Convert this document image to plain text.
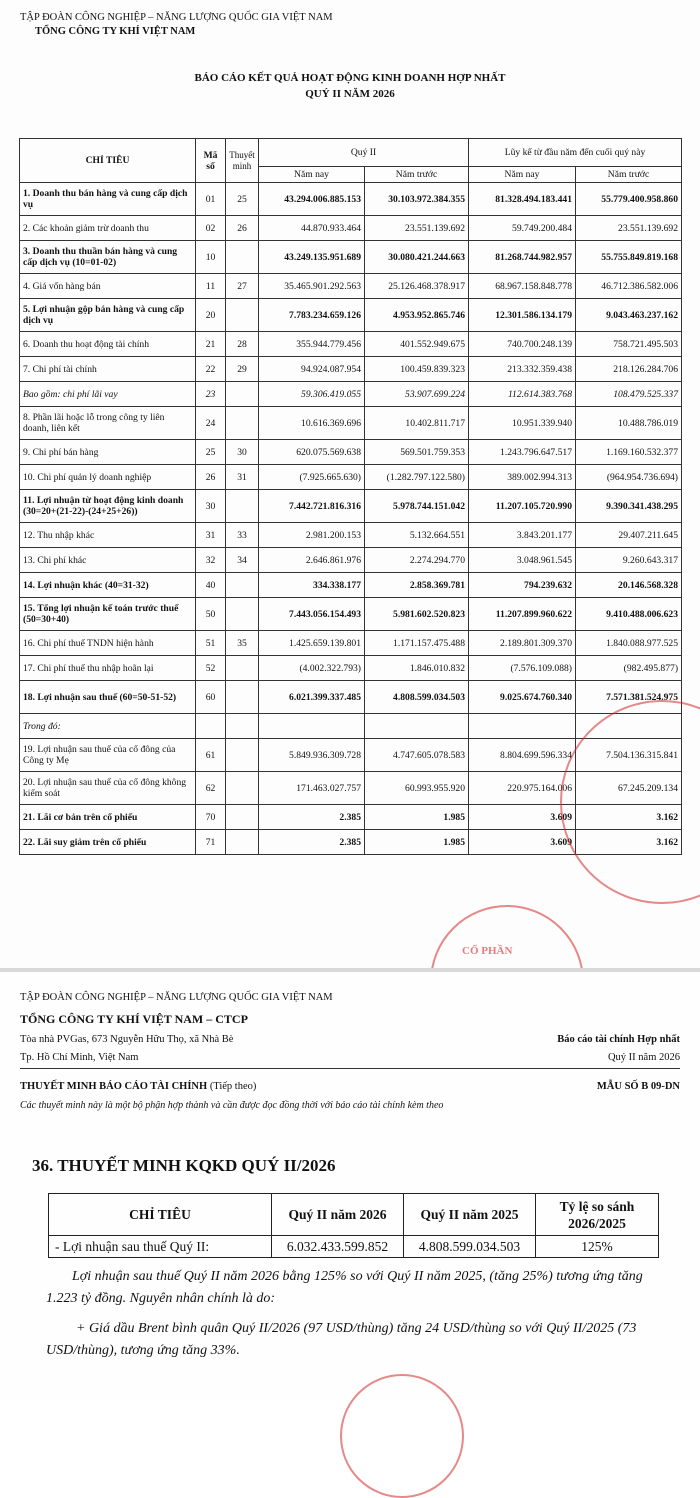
TẬP ĐOÀN CÔNG NGHIỆP – NĂNG LƯỢNG QUỐC GIA VIỆT NAM
TỔNG CÔNG TY KHÍ VIỆT NAM
BÁO CÁO KẾT QUẢ HOẠT ĐỘNG KINH DOANH HỢP NHẤT
QUÝ II NĂM 2026
CHỈ TIÊU	Mã số	Thuyết minh	Quý II		Lũy kế từ đầu năm đến cuối quý này	
			Năm nay	Năm trước	Năm nay	Năm trước
1. Doanh thu bán hàng và cung cấp dịch vụ	01	25	43.294.006.885.153	30.103.972.384.355	81.328.494.183.441	55.779.400.958.860
2. Các khoản giảm trừ doanh thu	02	26	44.870.933.464	23.551.139.692	59.749.200.484	23.551.139.692
3. Doanh thu thuần bán hàng và cung cấp dịch vụ (10=01-02)	10		43.249.135.951.689	30.080.421.244.663	81.268.744.982.957	55.755.849.819.168
4. Giá vốn hàng bán	11	27	35.465.901.292.563	25.126.468.378.917	68.967.158.848.778	46.712.386.582.006
5. Lợi nhuận gộp bán hàng và cung cấp dịch vụ	20		7.783.234.659.126	4.953.952.865.746	12.301.586.134.179	9.043.463.237.162
6. Doanh thu hoạt động tài chính	21	28	355.944.779.456	401.552.949.675	740.700.248.139	758.721.495.503
7. Chi phí tài chính	22	29	94.924.087.954	100.459.839.323	213.332.359.438	218.126.284.706
Bao gồm: chi phí lãi vay	23		59.306.419.055	53.907.699.224	112.614.383.768	108.479.525.337
8. Phần lãi hoặc lỗ trong công ty liên doanh, liên kết	24		10.616.369.696	10.402.811.717	10.951.339.940	10.488.786.019
9. Chi phí bán hàng	25	30	620.075.569.638	569.501.759.353	1.243.796.647.517	1.169.160.532.377
10. Chi phí quản lý doanh nghiệp	26	31	(7.925.665.630)	(1.282.797.122.580)	389.002.994.313	(964.954.736.694)
11. Lợi nhuận từ hoạt động kinh doanh (30=20+(21-22)-(24+25+26))	30		7.442.721.816.316	5.978.744.151.042	11.207.105.720.990	9.390.341.438.295
12. Thu nhập khác	31	33	2.981.200.153	5.132.664.551	3.843.201.177	29.407.211.645
13. Chi phí khác	32	34	2.646.861.976	2.274.294.770	3.048.961.545	9.260.643.317
14. Lợi nhuận khác (40=31-32)	40		334.338.177	2.858.369.781	794.239.632	20.146.568.328
15. Tổng lợi nhuận kế toán trước thuế (50=30+40)	50		7.443.056.154.493	5.981.602.520.823	11.207.899.960.622	9.410.488.006.623
16. Chi phí thuế TNDN hiện hành	51	35	1.425.659.139.801	1.171.157.475.488	2.189.801.309.370	1.840.088.977.525
17. Chi phí thuế thu nhập hoãn lại	52		(4.002.322.793)	1.846.010.832	(7.576.109.088)	(982.495.877)
18. Lợi nhuận sau thuế (60=50-51-52)	60		6.021.399.337.485	4.808.599.034.503	9.025.674.760.340	7.571.381.524.975
Trong đó:						
19. Lợi nhuận sau thuế của cổ đông của Công ty Mẹ	61		5.849.936.309.728	4.747.605.078.583	8.804.699.596.334	7.504.136.315.841
20. Lợi nhuận sau thuế của cổ đông không kiểm soát	62		171.463.027.757	60.993.955.920	220.975.164.006	67.245.209.134
21. Lãi cơ bản trên cổ phiếu	70		2.385	1.985	3.609	3.162
22. Lãi suy giảm trên cổ phiếu	71		2.385	1.985	3.609	3.162
CỔ PHẦN
TẬP ĐOÀN CÔNG NGHIỆP – NĂNG LƯỢNG QUỐC GIA VIỆT NAM
TỔNG CÔNG TY KHÍ VIỆT NAM – CTCP
Tòa nhà PVGas, 673 Nguyễn Hữu Thọ, xã Nhà Bè
Tp. Hồ Chí Minh, Việt Nam
Báo cáo tài chính Hợp nhất
Quý II năm 2026
THUYẾT MINH BÁO CÁO TÀI CHÍNH (Tiếp theo)	MẪU SỐ B 09-DN
Các thuyết minh này là một bộ phận hợp thành và cần được đọc đồng thời với báo cáo tài chính kèm theo
36. THUYẾT MINH KQKD QUÝ II/2026
CHỈ TIÊU	Quý II năm 2026	Quý II năm 2025	Tỷ lệ so sánh 2026/2025
- Lợi nhuận sau thuế Quý II:	6.032.433.599.852	4.808.599.034.503	125%
Lợi nhuận sau thuế Quý II năm 2026 bằng 125% so với Quý II năm 2025, (tăng 25%) tương ứng tăng 1.223 tỷ đồng. Nguyên nhân chính là do:
+ Giá dầu Brent bình quân Quý II/2026 (97 USD/thùng) tăng 24 USD/thùng so với Quý II/2025 (73 USD/thùng), tương ứng tăng 33%.
